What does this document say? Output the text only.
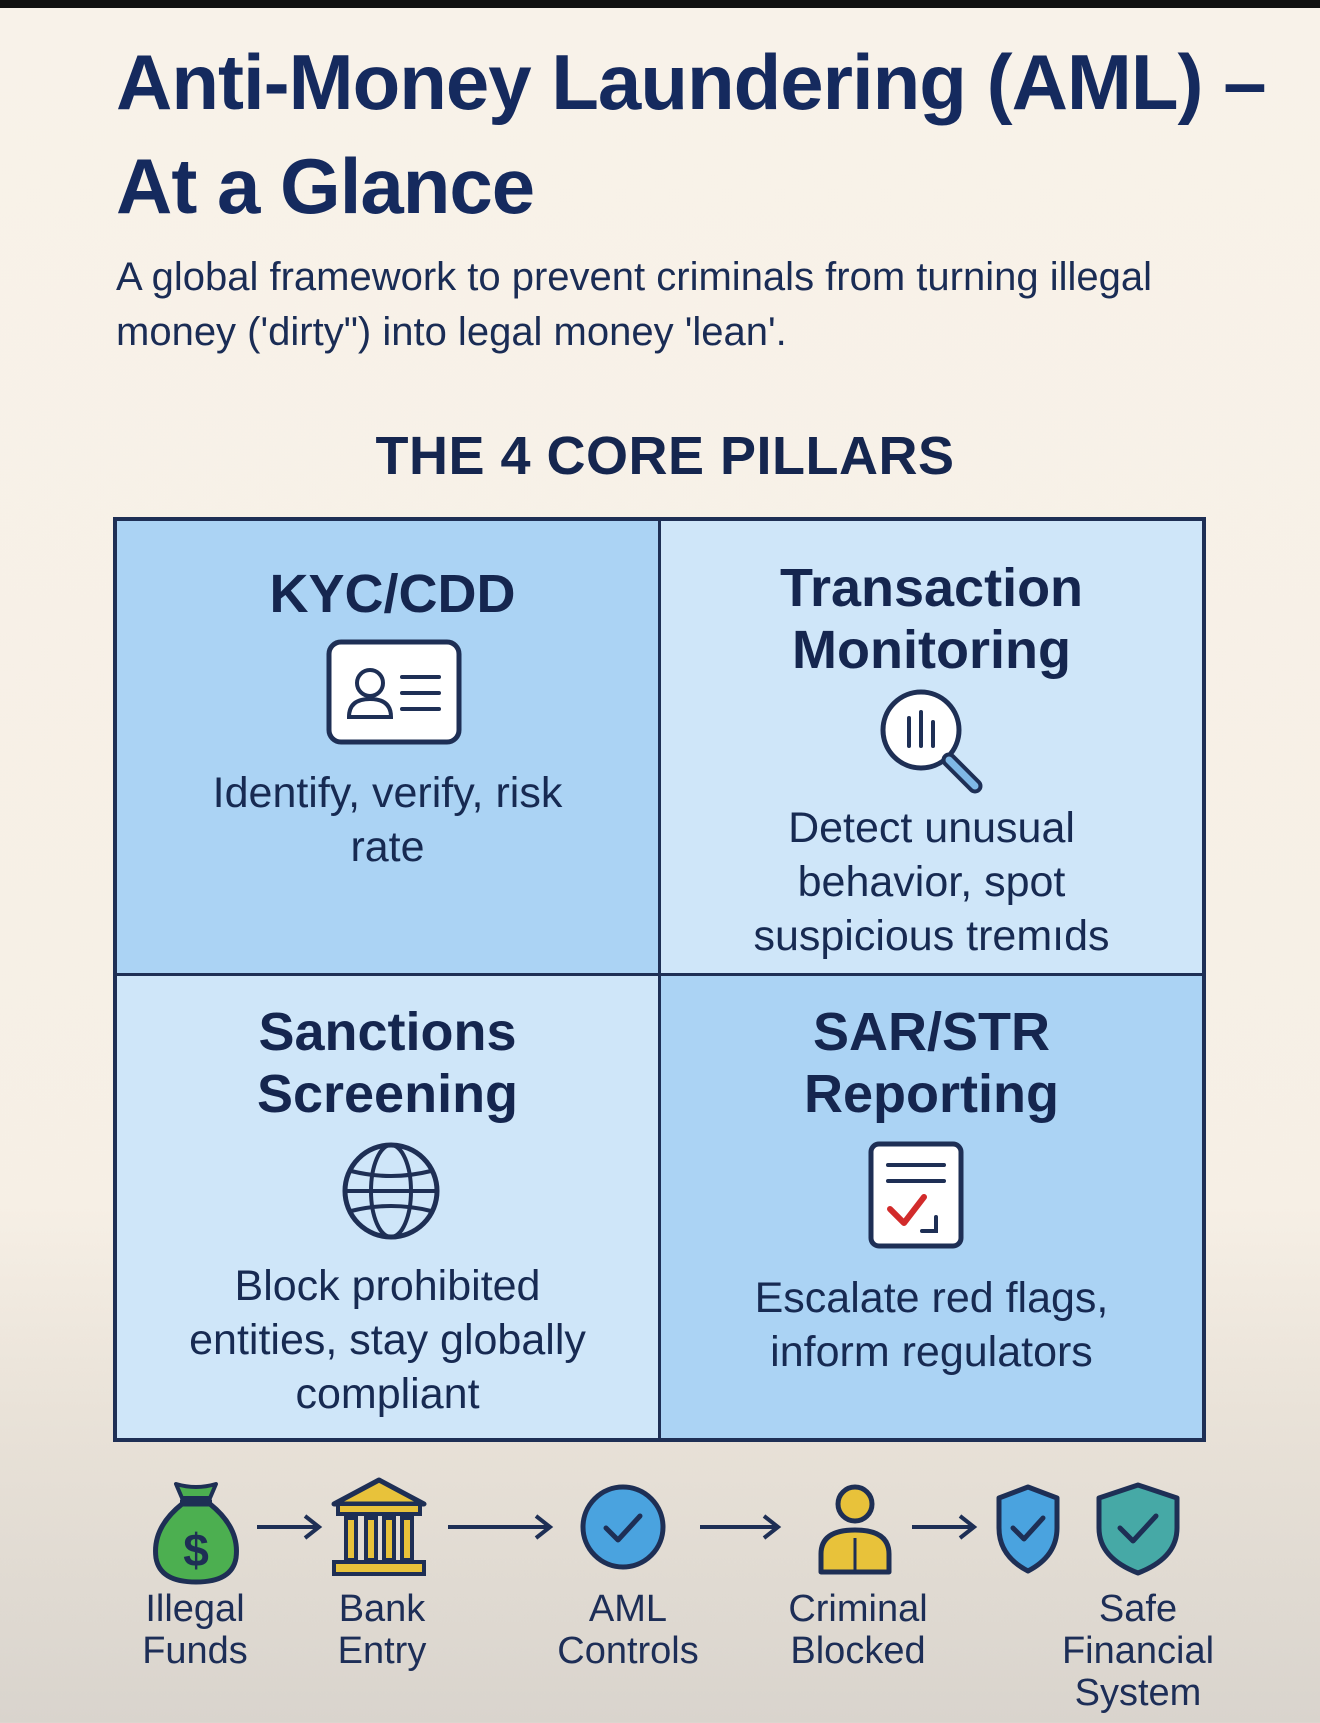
Anti-Money Laundering (AML) – At a Glance

A global framework to prevent criminals from turning illegal money ('dirty") into legal money 'lean'.

THE 4 CORE PILLARS
KYC/CDD

Identify, verify, risk rate

Transaction Monitoring

Detect unusual behavior, spot suspicious tremıds

Sanctions Screening

Block prohibited entities, stay globally compliant

SAR/STR Reporting

Escalate red flags, inform regulators

$
Illegal
Funds
Bank
Entry
AML
Controls
Criminal
Blocked
Safe
Financial
System
